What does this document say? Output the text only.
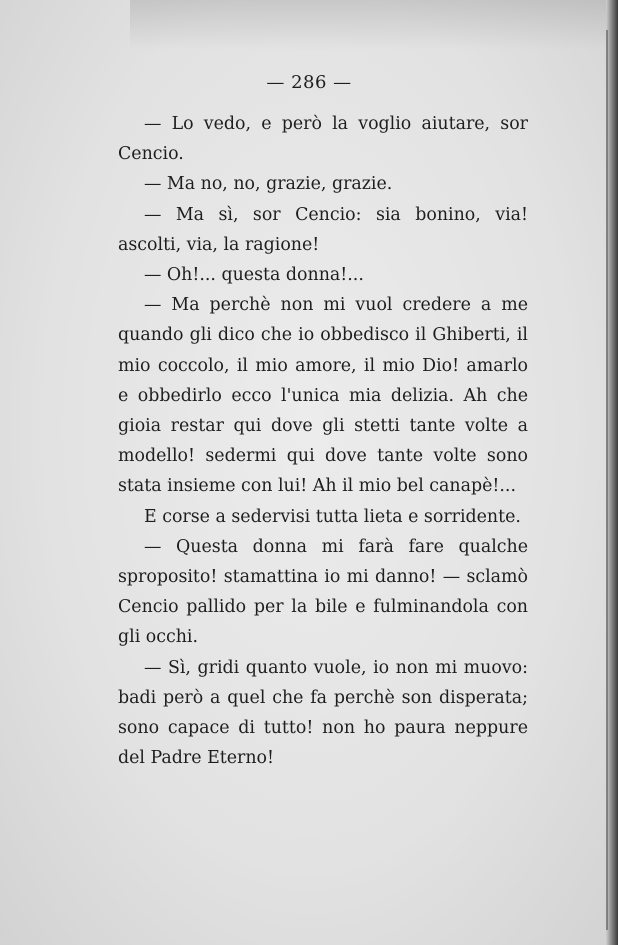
— 286 —

— Lo vedo, e però la voglio aiutare, sor Cencio.

— Ma no, no, grazie, grazie.

— Ma sì, sor Cencio: sia bonino, via! ascolti, via, la ragione!

— Oh!... questa donna!...

— Ma perchè non mi vuol credere a me quando gli dico che io obbedisco il Ghiberti, il mio coccolo, il mio amore, il mio Dio! amarlo e obbedirlo ecco l'unica mia delizia. Ah che gioia restar qui dove gli stetti tante volte a modello! sedermi qui dove tante volte sono stata insieme con lui! Ah il mio bel canapè!...

E corse a sedervisi tutta lieta e sorridente.

— Questa donna mi farà fare qualche sproposito! stamattina io mi danno! — sclamò Cencio pallido per la bile e fulminandola con gli occhi.

— Sì, gridi quanto vuole, io non mi muovo: badi però a quel che fa perchè son disperata; sono capace di tutto! non ho paura neppure del Padre Eterno!
